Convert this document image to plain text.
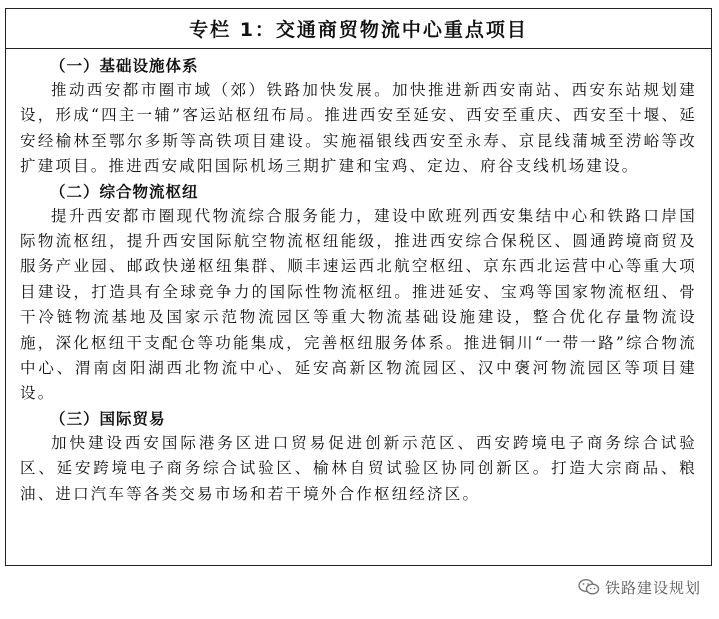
专栏 1：交通商贸物流中心重点项目
（一）基础设施体系

推动西安都市圈市域（郊）铁路加快发展。加快推进新西安南站、西安东站规划建设，形成“四主一辅”客运站枢纽布局。推进西安至延安、西安至重庆、西安至十堰、延安经榆林至鄂尔多斯等高铁项目建设。实施福银线西安至永寿、京昆线蒲城至涝峪等改扩建项目。推进西安咸阳国际机场三期扩建和宝鸡、定边、府谷支线机场建设。

（二）综合物流枢纽

提升西安都市圈现代物流综合服务能力，建设中欧班列西安集结中心和铁路口岸国际物流枢纽，提升西安国际航空物流枢纽能级，推进西安综合保税区、圆通跨境商贸及服务产业园、邮政快递枢纽集群、顺丰速运西北航空枢纽、京东西北运营中心等重大项目建设，打造具有全球竞争力的国际性物流枢纽。推进延安、宝鸡等国家物流枢纽、骨干冷链物流基地及国家示范物流园区等重大物流基础设施建设，整合优化存量物流设施，深化枢纽干支配仓等功能集成，完善枢纽服务体系。推进铜川“一带一路”综合物流中心、渭南卤阳湖西北物流中心、延安高新区物流园区、汉中褒河物流园区等项目建设。

（三）国际贸易

加快建设西安国际港务区进口贸易促进创新示范区、西安跨境电子商务综合试验区、延安跨境电子商务综合试验区、榆林自贸试验区协同创新区。打造大宗商品、粮油、进口汽车等各类交易市场和若干境外合作枢纽经济区。

铁路建设规划
